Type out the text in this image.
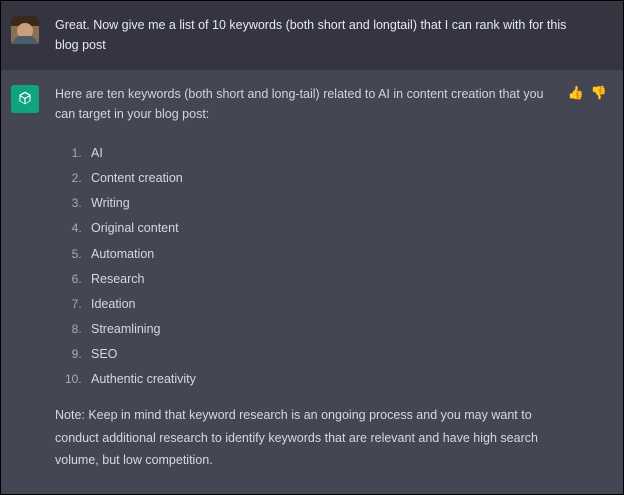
Great. Now give me a list of 10 keywords (both short and longtail) that I can rank with for this blog post

Here are ten keywords (both short and long-tail) related to AI in content creation that you can target in your blog post:

👍 👎
1. AI
2. Content creation
3. Writing
4. Original content
5. Automation
6. Research
7. Ideation
8. Streamlining
9. SEO
10. Authentic creativity

Note: Keep in mind that keyword research is an ongoing process and you may want to conduct additional research to identify keywords that are relevant and have high search volume, but low competition.
